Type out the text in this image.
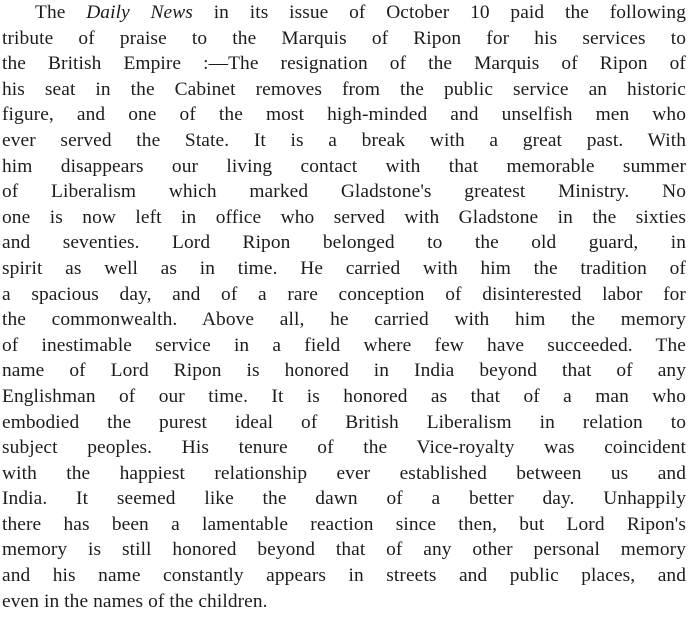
The Daily News in its issue of October 10 paid the following
tribute of praise to the Marquis of Ripon for his services to
the British Empire :—The resignation of the Marquis of Ripon of
his seat in the Cabinet removes from the public service an historic
figure, and one of the most high-minded and unselfish men who
ever served the State. It is a break with a great past. With
him disappears our living contact with that memorable summer
of Liberalism which marked Gladstone's greatest Ministry. No
one is now left in office who served with Gladstone in the sixties
and seventies. Lord Ripon belonged to the old guard, in
spirit as well as in time. He carried with him the tradition of
a spacious day, and of a rare conception of disinterested labor for
the commonwealth. Above all, he carried with him the memory
of inestimable service in a field where few have succeeded. The
name of Lord Ripon is honored in India beyond that of any
Englishman of our time. It is honored as that of a man who
embodied the purest ideal of British Liberalism in relation to
subject peoples. His tenure of the Vice-royalty was coincident
with the happiest relationship ever established between us and
India. It seemed like the dawn of a better day. Unhappily
there has been a lamentable reaction since then, but Lord Ripon's
memory is still honored beyond that of any other personal memory
and his name constantly appears in streets and public places, and
even in the names of the children.
